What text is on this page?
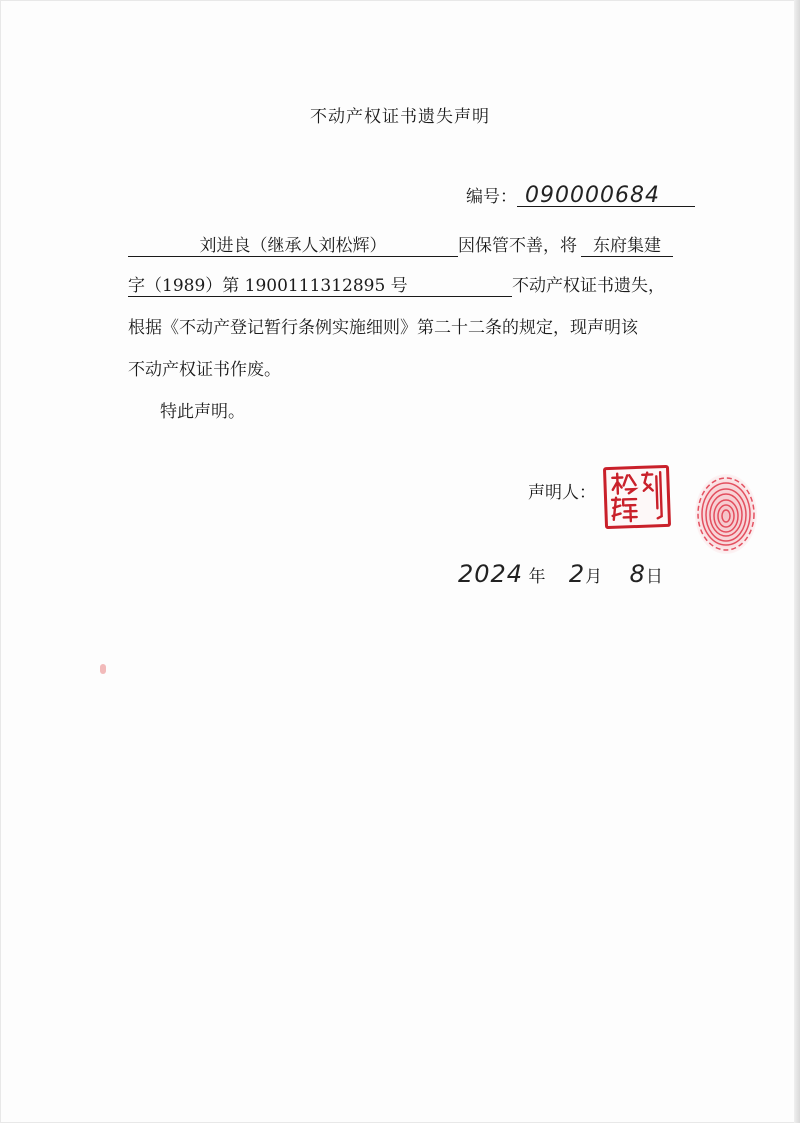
不动产权证书遗失声明
编号： 090000684
刘进良（继承人刘松辉）	因保管不善，将 东府集建
字（1989）第 1900111312895 号	不动产权证书遗失，
根据《不动产登记暂行条例实施细则》第二十二条的规定，现声明该
不动产权证书作废。
特此声明。
声明人：
2024 年 2月 8日
